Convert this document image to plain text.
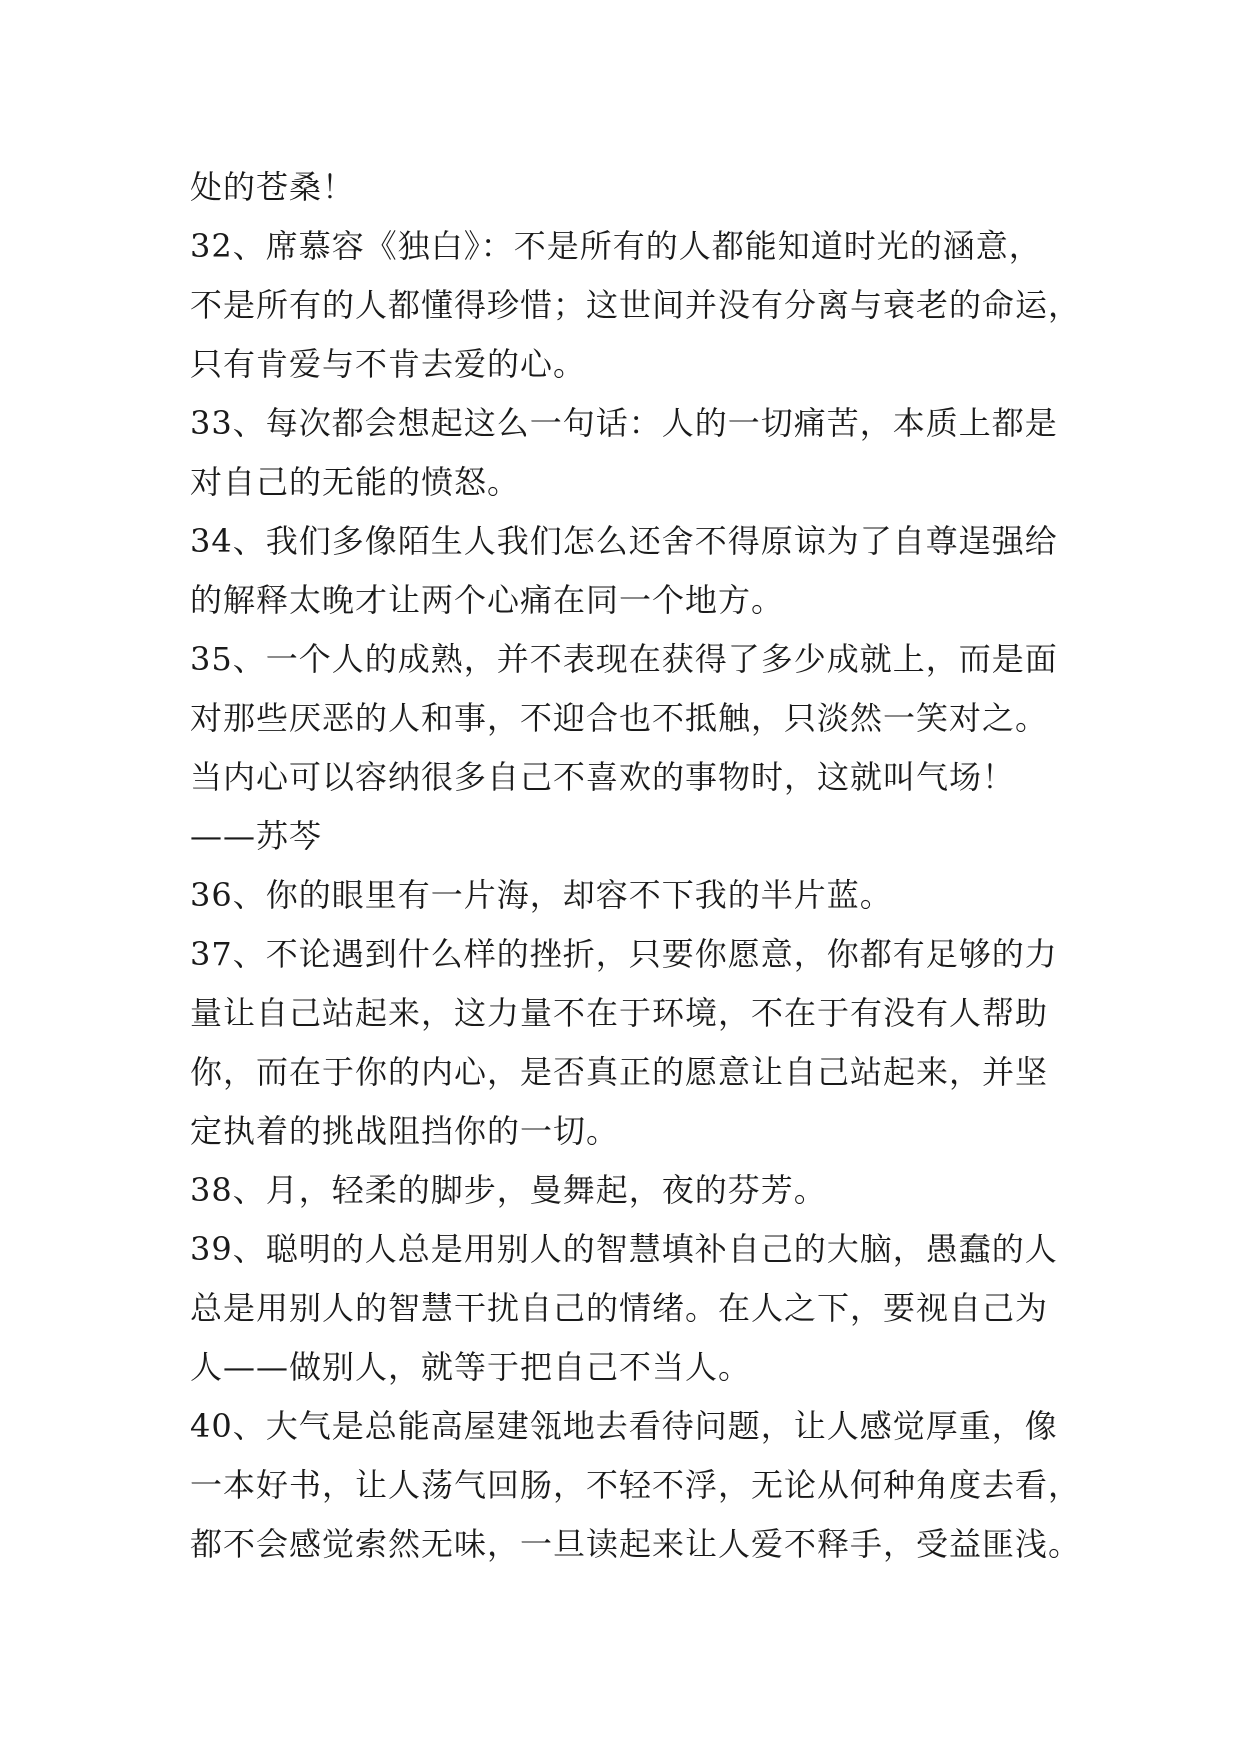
处的苍桑！
32、席慕容《独白》：不是所有的人都能知道时光的涵意，
不是所有的人都懂得珍惜；这世间并没有分离与衰老的命运，
只有肯爱与不肯去爱的心。
33、每次都会想起这么一句话：人的一切痛苦，本质上都是
对自己的无能的愤怒。
34、我们多像陌生人我们怎么还舍不得原谅为了自尊逞强给
的解释太晚才让两个心痛在同一个地方。
35、一个人的成熟，并不表现在获得了多少成就上，而是面
对那些厌恶的人和事，不迎合也不抵触，只淡然一笑对之。
当内心可以容纳很多自己不喜欢的事物时，这就叫气场！
——苏芩
36、你的眼里有一片海，却容不下我的半片蓝。
37、不论遇到什么样的挫折，只要你愿意，你都有足够的力
量让自己站起来，这力量不在于环境，不在于有没有人帮助
你，而在于你的内心，是否真正的愿意让自己站起来，并坚
定执着的挑战阻挡你的一切。
38、月，轻柔的脚步，曼舞起，夜的芬芳。
39、聪明的人总是用别人的智慧填补自己的大脑，愚蠢的人
总是用别人的智慧干扰自己的情绪。在人之下，要视自己为
人——做别人，就等于把自己不当人。
40、大气是总能高屋建瓴地去看待问题，让人感觉厚重，像
一本好书，让人荡气回肠，不轻不浮，无论从何种角度去看，
都不会感觉索然无味，一旦读起来让人爱不释手，受益匪浅。
